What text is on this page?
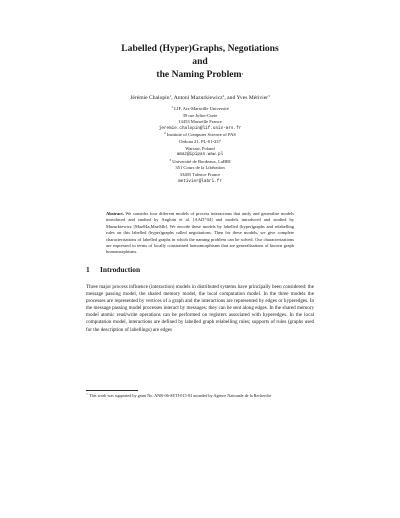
Labelled (Hyper)Graphs, Negotiations
and
the Naming Problem⋆
Jérémie Chalopin$^1$, Antoni Mazurkiewicz$^2$, and Yves Métivier$^3$
$^1$ LIF, Aix-Marseille Université
39 rue Joliot-Curie
13453 Marseille France
jeremie.chalopin@lif.univ-mrs.fr
$^2$ Institute of Computer Science of PAS
Ordona 21, PL-01-237
Warsaw, Poland
amaz@ipipan.waw.pl
$^3$ Université de Bordeaux, LaBRI
351 Cours de la Libération
33405 Talence France
metivier@labri.fr
Abstract. We consider four different models of process interactions that unify and generalise models introduced and studied by Angluin et al. [AAD⁺04] and models introduced and studied by Mazurkiewicz [Maz04a,Maz04b]. We encode these models by labelled (hyper)graphs and relabelling rules on this labelled (hyper)graphs called negotiations. Then for these models, we give complete characterisations of labelled graphs in which the naming problem can be solved. Our characterizations are expressed in terms of locally constrained homomorphisms that are generalisations of known graph homomorphisms.
1 Introduction
Three major process influence (interaction) models in distributed systems have principally been considered: the message passing model, the shared memory model, the local computation model. In the three models the processes are represented by vertices of a graph and the interactions are represented by edges or hyperedges. In the message passing model processes interact by messages: they can be sent along edges. In the shared memory model atomic read/write operations can be performed on registers associated with hyperedges. In the local computation model, interactions are defined by labelled graph relabelling rules; supports of rules (graphs used for the description of labellings) are edges
⋆ This work was supported by grant No. ANR-06-SETI-015-03 awarded by Agence Nationale de la Recherche
